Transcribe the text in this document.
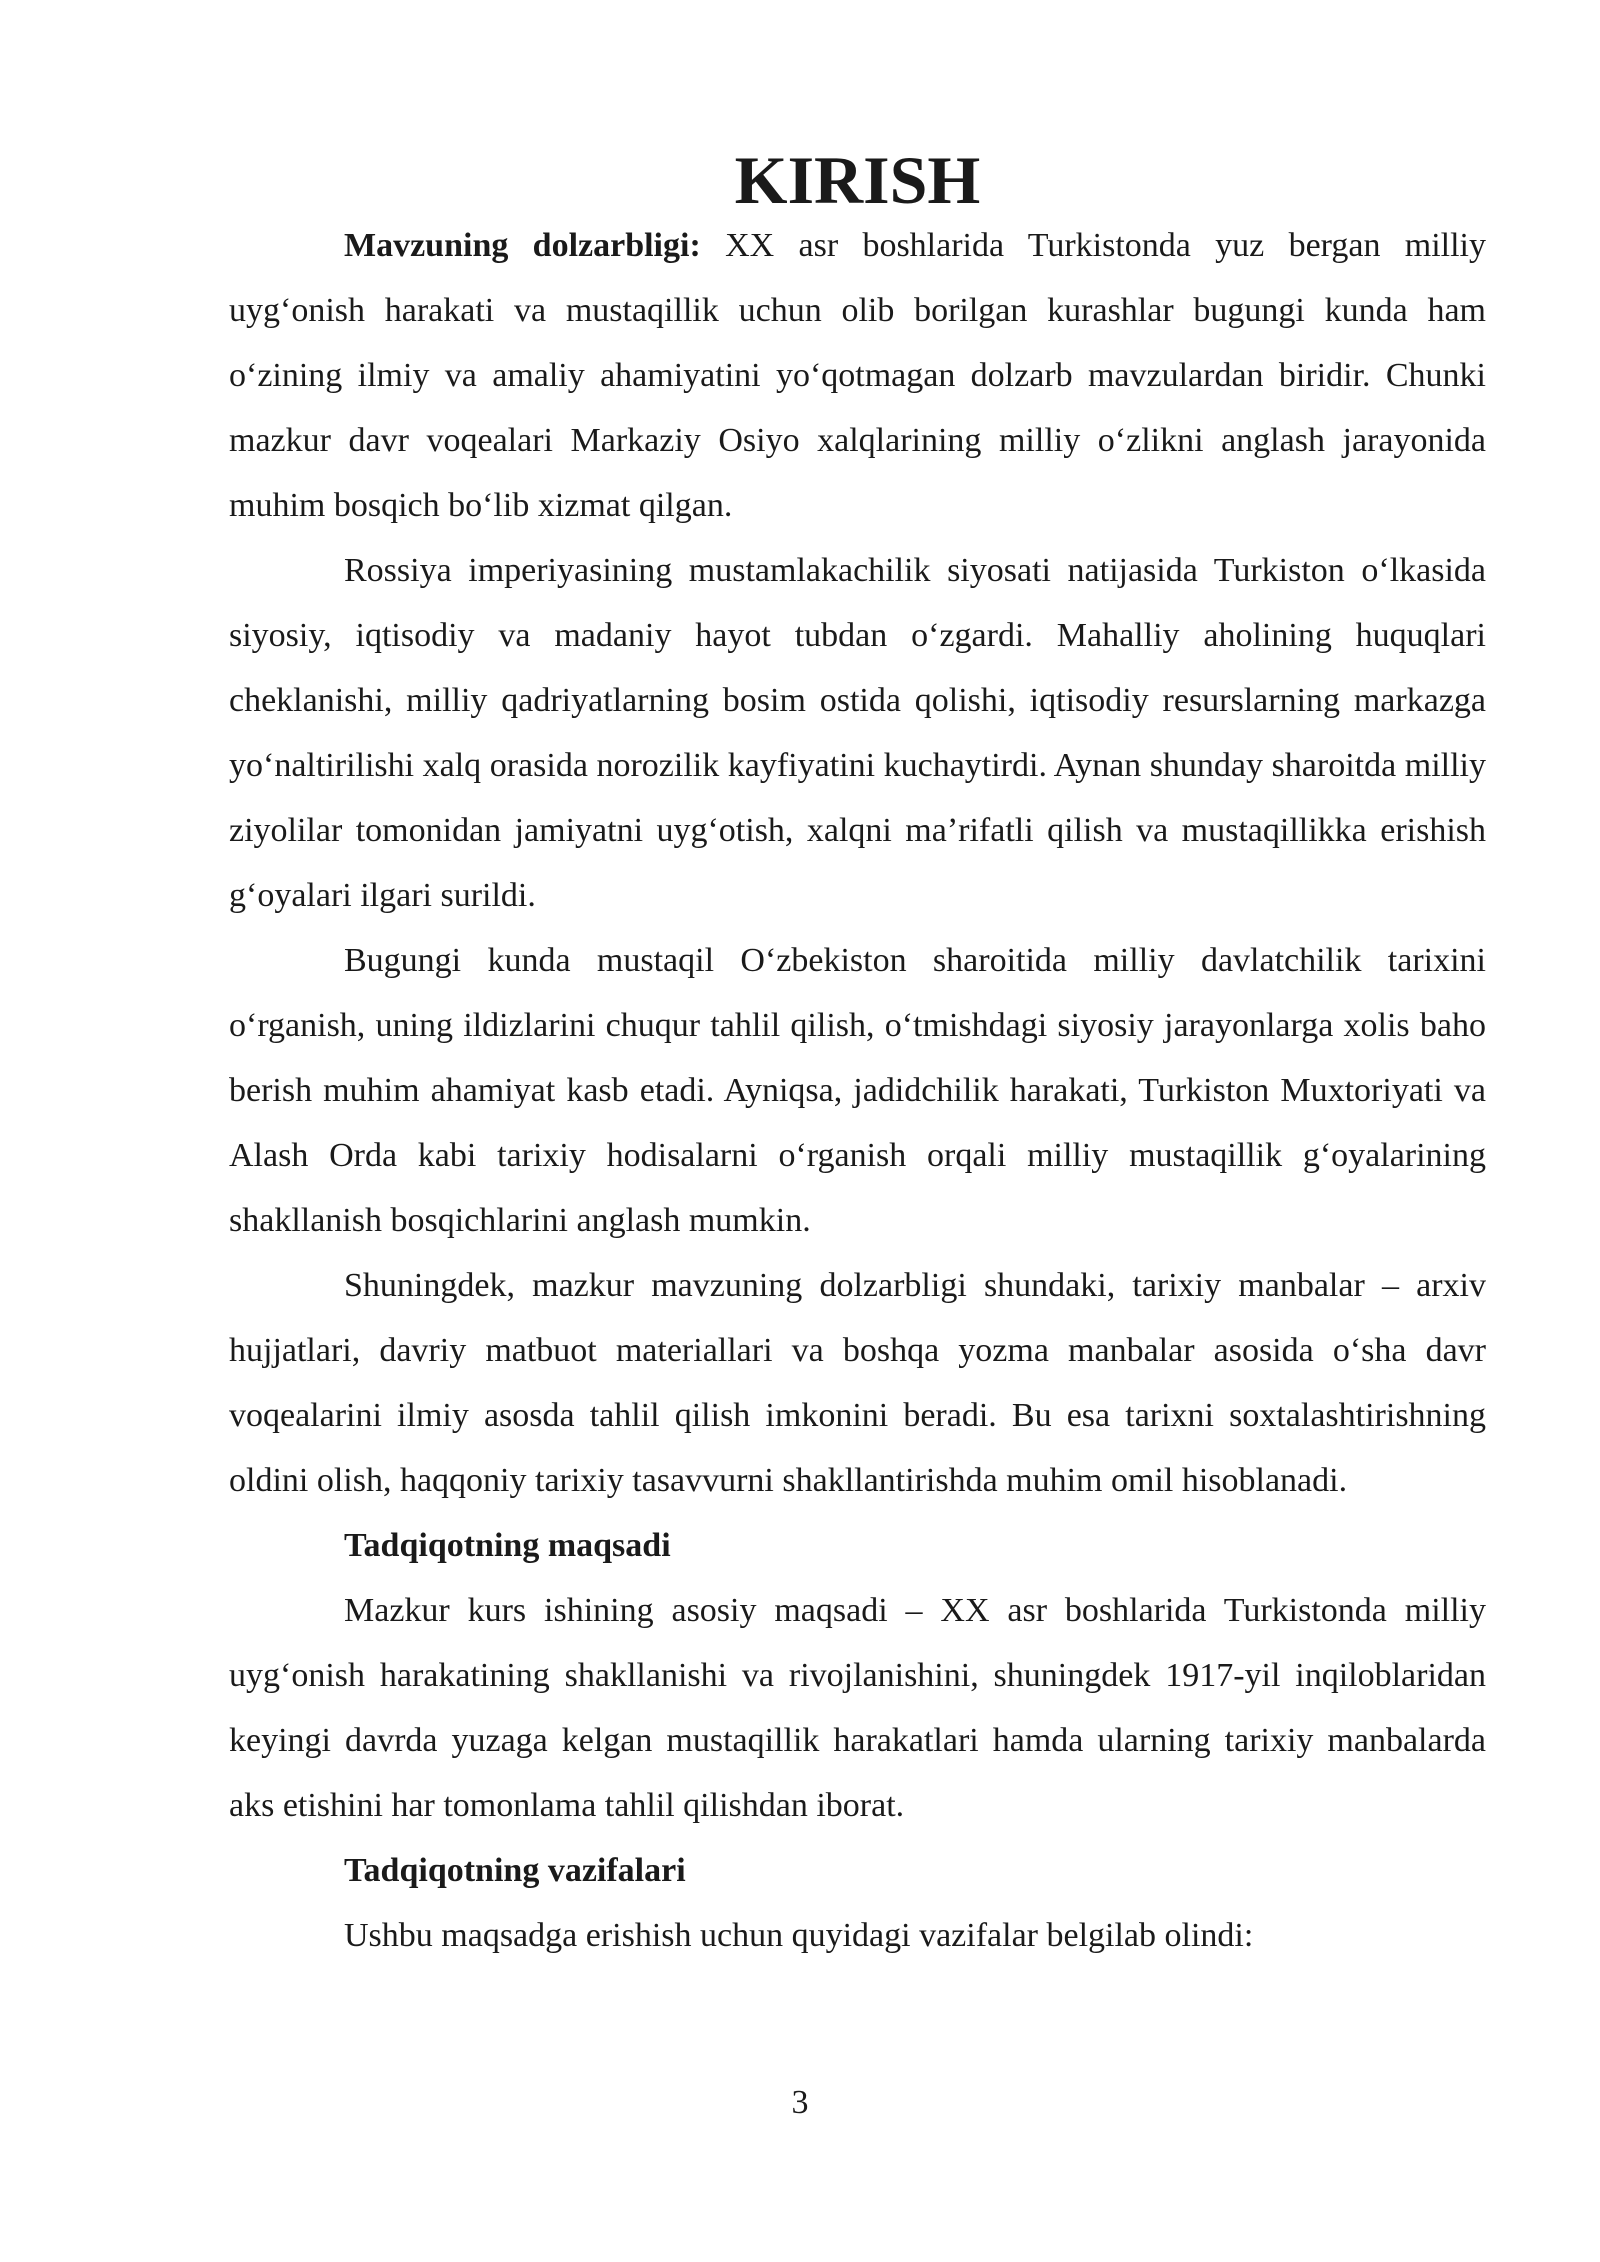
KIRISH

Mavzuning dolzarbligi: XX asr boshlarida Turkistonda yuz bergan milliy uygʻonish harakati va mustaqillik uchun olib borilgan kurashlar bugungi kunda ham oʻzining ilmiy va amaliy ahamiyatini yoʻqotmagan dolzarb mavzulardan biridir. Chunki mazkur davr voqealari Markaziy Osiyo xalqlarining milliy oʻzlikni anglash jarayonida muhim bosqich boʻlib xizmat qilgan.

Rossiya imperiyasining mustamlakachilik siyosati natijasida Turkiston oʻlkasida siyosiy, iqtisodiy va madaniy hayot tubdan oʻzgardi. Mahalliy aholining huquqlari cheklanishi, milliy qadriyatlarning bosim ostida qolishi, iqtisodiy resurslarning markazga yoʻnaltirilishi xalq orasida norozilik kayfiyatini kuchaytirdi. Aynan shunday sharoitda milliy ziyolilar tomonidan jamiyatni uygʻotish, xalqni maʼrifatli qilish va mustaqillikka erishish gʻoyalari ilgari surildi.

Bugungi kunda mustaqil Oʻzbekiston sharoitida milliy davlatchilik tarixini oʻrganish, uning ildizlarini chuqur tahlil qilish, oʻtmishdagi siyosiy jarayonlarga xolis baho berish muhim ahamiyat kasb etadi. Ayniqsa, jadidchilik harakati, Turkiston Muxtoriyati va Alash Orda kabi tarixiy hodisalarni oʻrganish orqali milliy mustaqillik gʻoyalarining shakllanish bosqichlarini anglash mumkin.

Shuningdek, mazkur mavzuning dolzarbligi shundaki, tarixiy manbalar – arxiv hujjatlari, davriy matbuot materiallari va boshqa yozma manbalar asosida oʻsha davr voqealarini ilmiy asosda tahlil qilish imkonini beradi. Bu esa tarixni soxtalashtirishning oldini olish, haqqoniy tarixiy tasavvurni shakllantirishda muhim omil hisoblanadi.

Tadqiqotning maqsadi

Mazkur kurs ishining asosiy maqsadi – XX asr boshlarida Turkistonda milliy uygʻonish harakatining shakllanishi va rivojlanishini, shuningdek 1917-yil inqiloblaridan keyingi davrda yuzaga kelgan mustaqillik harakatlari hamda ularning tarixiy manbalarda aks etishini har tomonlama tahlil qilishdan iborat.

Tadqiqotning vazifalari

Ushbu maqsadga erishish uchun quyidagi vazifalar belgilab olindi:

3
